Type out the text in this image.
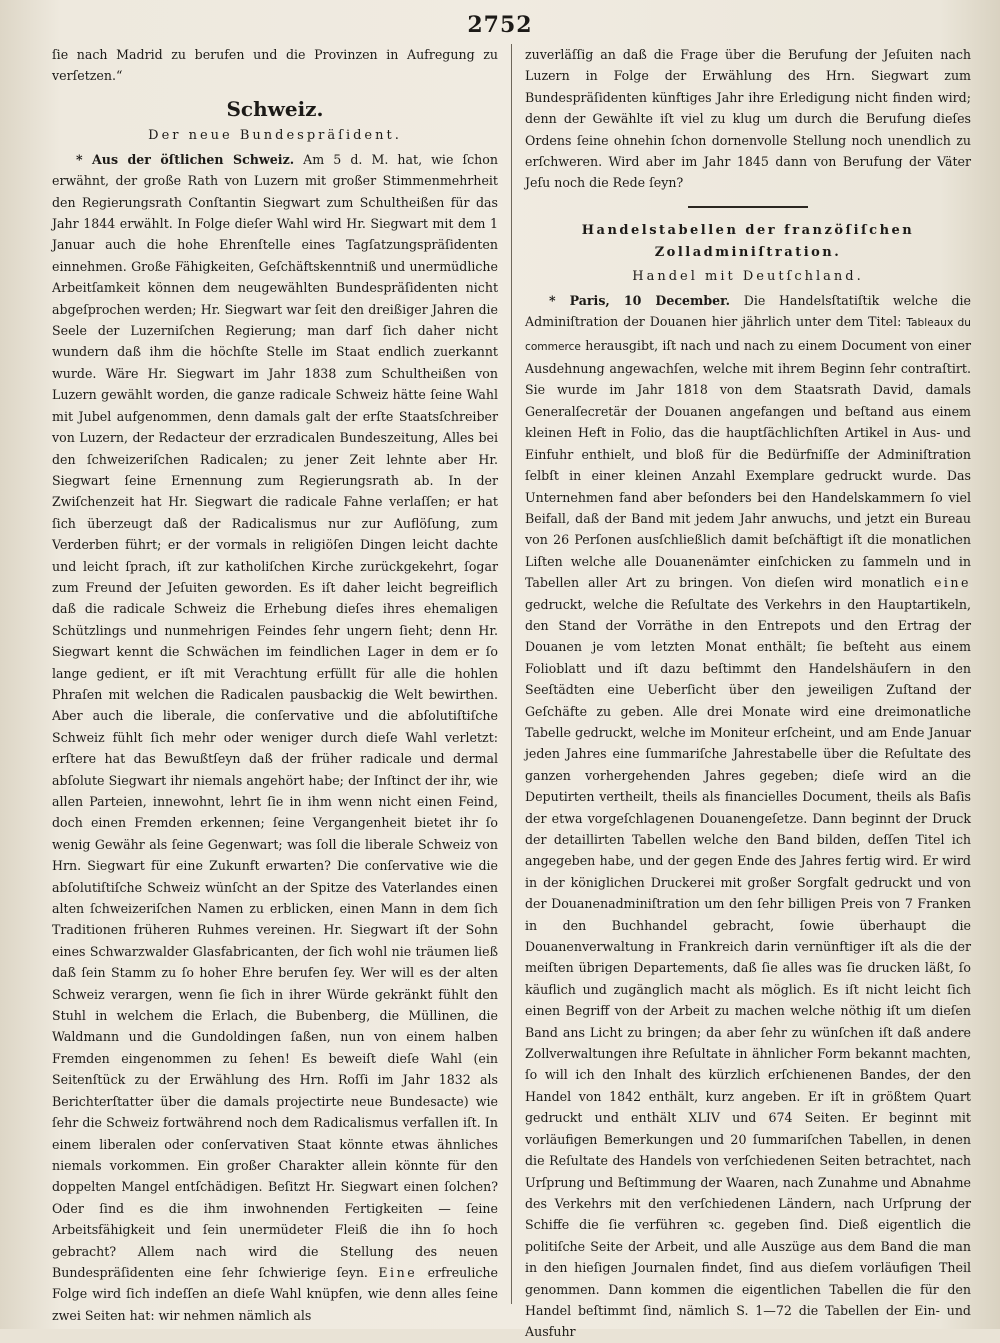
2752

ſie nach Madrid zu berufen und die Provinzen in Aufregung zu verſetzen.“

Schweiz.
Der neue Bundespräſident.

* Aus der öſtlichen Schweiz. Am 5 d. M. hat, wie ſchon erwähnt, der große Rath von Luzern mit großer Stimmenmehrheit den Regierungsrath Conſtantin Siegwart zum Schultheißen für das Jahr 1844 erwählt. In Folge dieſer Wahl wird Hr. Siegwart mit dem 1 Januar auch die hohe Ehrenſtelle eines Tagſatzungspräſidenten einnehmen. Große Fähigkeiten, Geſchäftskenntniß und unermüdliche Arbeitſamkeit können dem neugewählten Bundespräſidenten nicht abgeſprochen werden; Hr. Siegwart war ſeit den dreißiger Jahren die Seele der Luzerniſchen Regierung; man darf ſich daher nicht wundern daß ihm die höchſte Stelle im Staat endlich zuerkannt wurde. Wäre Hr. Siegwart im Jahr 1838 zum Schultheißen von Luzern gewählt worden, die ganze radicale Schweiz hätte ſeine Wahl mit Jubel aufgenommen, denn damals galt der erſte Staatsſchreiber von Luzern, der Redacteur der erzradicalen Bundeszeitung, Alles bei den ſchweizeriſchen Radicalen; zu jener Zeit lehnte aber Hr. Siegwart ſeine Ernennung zum Regierungsrath ab. In der Zwiſchenzeit hat Hr. Siegwart die radicale Fahne verlaſſen; er hat ſich überzeugt daß der Radicalismus nur zur Auflöſung, zum Verderben führt; er der vormals in religiöſen Dingen leicht dachte und leicht ſprach, iſt zur katholiſchen Kirche zurückgekehrt, ſogar zum Freund der Jeſuiten geworden. Es iſt daher leicht begreiflich daß die radicale Schweiz die Erhebung dieſes ihres ehemaligen Schützlings und nunmehrigen Feindes ſehr ungern ſieht; denn Hr. Siegwart kennt die Schwächen im feindlichen Lager in dem er ſo lange gedient, er iſt mit Verachtung erfüllt für alle die hohlen Phraſen mit welchen die Radicalen pausbackig die Welt bewirthen. Aber auch die liberale, die conſervative und die abſolutiſtiſche Schweiz fühlt ſich mehr oder weniger durch dieſe Wahl verletzt: erſtere hat das Bewußtſeyn daß der früher radicale und dermal abſolute Siegwart ihr niemals angehört habe; der Inſtinct der ihr, wie allen Parteien, innewohnt, lehrt ſie in ihm wenn nicht einen Feind, doch einen Fremden erkennen; ſeine Vergangenheit bietet ihr ſo wenig Gewähr als ſeine Gegenwart; was ſoll die liberale Schweiz von Hrn. Siegwart für eine Zukunft erwarten? Die conſervative wie die abſolutiſtiſche Schweiz wünſcht an der Spitze des Vaterlandes einen alten ſchweizeriſchen Namen zu erblicken, einen Mann in dem ſich Traditionen früheren Ruhmes vereinen. Hr. Siegwart iſt der Sohn eines Schwarzwalder Glasfabricanten, der ſich wohl nie träumen ließ daß ſein Stamm zu ſo hoher Ehre berufen ſey. Wer will es der alten Schweiz verargen, wenn ſie ſich in ihrer Würde gekränkt fühlt den Stuhl in welchem die Erlach, die Bubenberg, die Müllinen, die Waldmann und die Gundoldingen ſaßen, nun von einem halben Fremden eingenommen zu ſehen! Es beweiſt dieſe Wahl (ein Seitenſtück zu der Erwählung des Hrn. Roſſi im Jahr 1832 als Berichterſtatter über die damals projectirte neue Bundesacte) wie ſehr die Schweiz fortwährend noch dem Radicalismus verfallen iſt. In einem liberalen oder conſervativen Staat könnte etwas ähnliches niemals vorkommen. Ein großer Charakter allein könnte für den doppelten Mangel entſchädigen. Beſitzt Hr. Siegwart einen ſolchen? Oder ſind es die ihm inwohnenden Fertigkeiten — ſeine Arbeitsfähigkeit und ſein unermüdeter Fleiß die ihn ſo hoch gebracht? Allem nach wird die Stellung des neuen Bundespräſidenten eine ſehr ſchwierige ſeyn. Eine erfreuliche Folge wird ſich indeſſen an dieſe Wahl knüpfen, wie denn alles ſeine zwei Seiten hat: wir nehmen nämlich als

zuverläſſig an daß die Frage über die Berufung der Jeſuiten nach Luzern in Folge der Erwählung des Hrn. Siegwart zum Bundespräſidenten künftiges Jahr ihre Erledigung nicht finden wird; denn der Gewählte iſt viel zu klug um durch die Berufung dieſes Ordens ſeine ohnehin ſchon dornenvolle Stellung noch unendlich zu erſchweren. Wird aber im Jahr 1845 dann von Berufung der Väter Jeſu noch die Rede ſeyn?

Handelstabellen der franzöſiſchen Zolladminiſtration.
Handel mit Deutſchland.

* Paris, 10 December. Die Handelsſtatiſtik welche die Adminiſtration der Douanen hier jährlich unter dem Titel: Tableaux du commerce herausgibt, iſt nach und nach zu einem Document von einer Ausdehnung angewachſen, welche mit ihrem Beginn ſehr contraſtirt. Sie wurde im Jahr 1818 von dem Staatsrath David, damals Generalſecretär der Douanen angefangen und beſtand aus einem kleinen Heft in Folio, das die hauptſächlichſten Artikel in Aus- und Einfuhr enthielt, und bloß für die Bedürfniſſe der Adminiſtration ſelbſt in einer kleinen Anzahl Exemplare gedruckt wurde. Das Unternehmen fand aber beſonders bei den Handelskammern ſo viel Beifall, daß der Band mit jedem Jahr anwuchs, und jetzt ein Bureau von 26 Perſonen ausſchließlich damit beſchäftigt iſt die monatlichen Liſten welche alle Douanenämter einſchicken zu ſammeln und in Tabellen aller Art zu bringen. Von dieſen wird monatlich eine gedruckt, welche die Reſultate des Verkehrs in den Hauptartikeln, den Stand der Vorräthe in den Entrepots und den Ertrag der Douanen je vom letzten Monat enthält; ſie beſteht aus einem Folioblatt und iſt dazu beſtimmt den Handelshäuſern in den Seeſtädten eine Ueberſicht über den jeweiligen Zuſtand der Geſchäfte zu geben. Alle drei Monate wird eine dreimonatliche Tabelle gedruckt, welche im Moniteur erſcheint, und am Ende Januar jeden Jahres eine ſummariſche Jahrestabelle über die Reſultate des ganzen vorhergehenden Jahres gegeben; dieſe wird an die Deputirten vertheilt, theils als financielles Document, theils als Baſis der etwa vorgeſchlagenen Douanengeſetze. Dann beginnt der Druck der detaillirten Tabellen welche den Band bilden, deſſen Titel ich angegeben habe, und der gegen Ende des Jahres fertig wird. Er wird in der königlichen Druckerei mit großer Sorgfalt gedruckt und von der Douanenadminiſtration um den ſehr billigen Preis von 7 Franken in den Buchhandel gebracht, ſowie überhaupt die Douanenverwaltung in Frankreich darin vernünftiger iſt als die der meiſten übrigen Departements, daß ſie alles was ſie drucken läßt, ſo käuflich und zugänglich macht als möglich. Es iſt nicht leicht ſich einen Begriff von der Arbeit zu machen welche nöthig iſt um dieſen Band ans Licht zu bringen; da aber ſehr zu wünſchen iſt daß andere Zollverwaltungen ihre Reſultate in ähnlicher Form bekannt machten, ſo will ich den Inhalt des kürzlich erſchienenen Bandes, der den Handel von 1842 enthält, kurz angeben. Er iſt in größtem Quart gedruckt und enthält XLIV und 674 Seiten. Er beginnt mit vorläufigen Bemerkungen und 20 ſummariſchen Tabellen, in denen die Reſultate des Handels von verſchiedenen Seiten betrachtet, nach Urſprung und Beſtimmung der Waaren, nach Zunahme und Abnahme des Verkehrs mit den verſchiedenen Ländern, nach Urſprung der Schiffe die ſie verführen ꝛc. gegeben ſind. Dieß eigentlich die politiſche Seite der Arbeit, und alle Auszüge aus dem Band die man in den hieſigen Journalen findet, ſind aus dieſem vorläufigen Theil genommen. Dann kommen die eigentlichen Tabellen die für den Handel beſtimmt ſind, nämlich S. 1—72 die Tabellen der Ein- und Ausfuhr
